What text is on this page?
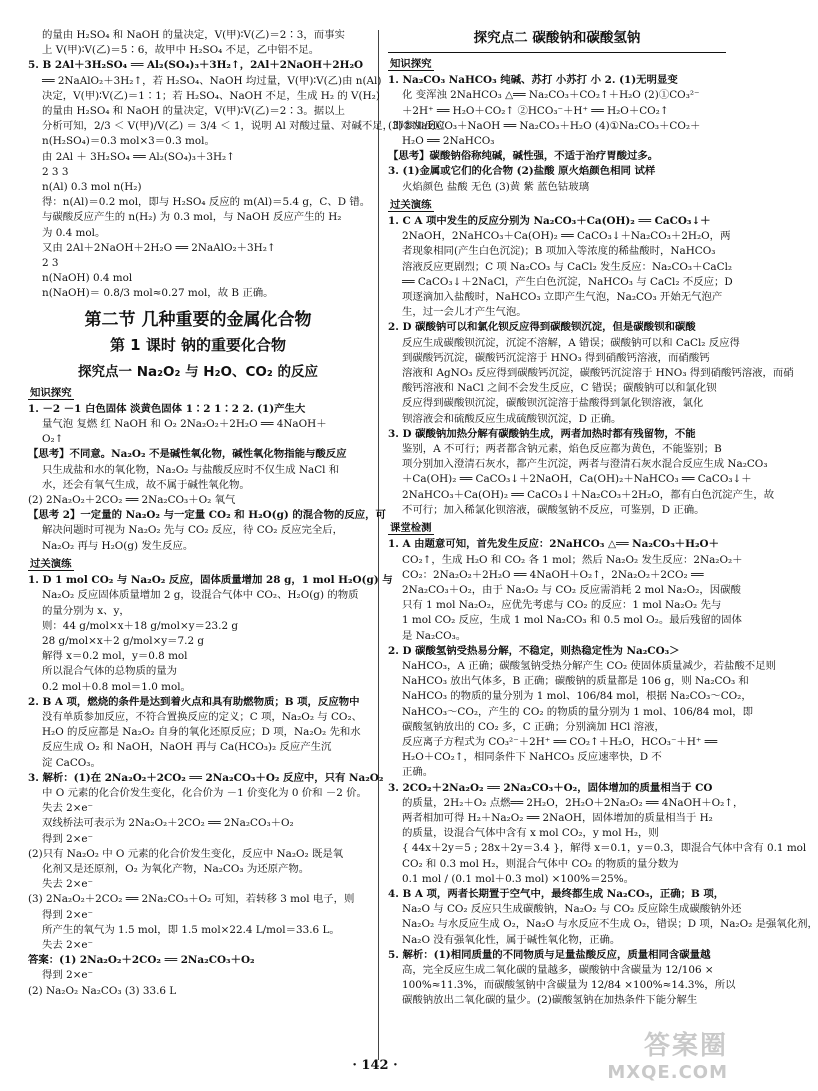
的量由 H₂SO₄ 和 NaOH 的量决定，V(甲)∶V(乙)＝2∶3，而事实
上 V(甲)∶V(乙)＝5∶6，故甲中 H₂SO₄ 不足，乙中铝不足。
5. B 2Al＋3H₂SO₄ ══ Al₂(SO₄)₃＋3H₂↑，2Al＋2NaOH＋2H₂O
══ 2NaAlO₂＋3H₂↑，若 H₂SO₄、NaOH 均过量，V(甲)∶V(乙)由 n(Al)
决定，V(甲)∶V(乙)＝1∶1；若 H₂SO₄、NaOH 不足，生成 H₂ 的 V(H₂)
的量由 H₂SO₄ 和 NaOH 的量决定，V(甲)∶V(乙)＝2∶3。据以上
分析可知，2/3 ＜ V(甲)/V(乙) ＝ 3/4 ＜ 1，说明 Al 对酸过量、对碱不足，即参加反应
n(H₂SO₄)＝0.3 mol×3＝0.3 mol。
由 2Al ＋ 3H₂SO₄ ══ Al₂(SO₄)₃＋3H₂↑
2 3 3
n(Al) 0.3 mol n(H₂)
得：n(Al)＝0.2 mol，即与 H₂SO₄ 反应的 m(Al)＝5.4 g，C、D 错。
与碳酸反应产生的 n(H₂) 为 0.3 mol，与 NaOH 反应产生的 H₂
为 0.4 mol。
又由 2Al＋2NaOH＋2H₂O ══ 2NaAlO₂＋3H₂↑
2 3
n(NaOH) 0.4 mol
n(NaOH)＝ 0.8/3 mol≈0.27 mol，故 B 正确。
第二节 几种重要的金属化合物
第 1 课时 钠的重要化合物
探究点一 Na₂O₂ 与 H₂O、CO₂ 的反应
知识探究
1. －2 －1 白色固体 淡黄色固体 1∶2 1∶2 2. (1)产生大
量气泡 复燃 红 NaOH 和 O₂ 2Na₂O₂＋2H₂O ══ 4NaOH＋
O₂↑
【思考】不同意。Na₂O₂ 不是碱性氧化物，碱性氧化物指能与酸反应
只生成盐和水的氧化物，Na₂O₂ 与盐酸反应时不仅生成 NaCl 和
水，还会有氧气生成，故不属于碱性氧化物。
(2) 2Na₂O₂＋2CO₂ ══ 2Na₂CO₃＋O₂ 氧气
【思考 2】一定量的 Na₂O₂ 与一定量 CO₂ 和 H₂O(g) 的混合物的反应，可
解决问题时可视为 Na₂O₂ 先与 CO₂ 反应，待 CO₂ 反应完全后，
Na₂O₂ 再与 H₂O(g) 发生反应。
过关演练
1. D 1 mol CO₂ 与 Na₂O₂ 反应，固体质量增加 28 g，1 mol H₂O(g) 与
Na₂O₂ 反应固体质量增加 2 g，设混合气体中 CO₂、H₂O(g) 的物质
的量分别为 x、y，
则：44 g/mol×x＋18 g/mol×y＝23.2 g
28 g/mol×x＋2 g/mol×y＝7.2 g
解得 x＝0.2 mol，y＝0.8 mol
所以混合气体的总物质的量为
0.2 mol＋0.8 mol＝1.0 mol。
2. B A 项，燃烧的条件是达到着火点和具有助燃物质；B 项，反应物中
没有单质参加反应，不符合置换反应的定义；C 项，Na₂O₂ 与 CO₂、
H₂O 的反应都是 Na₂O₂ 自身的氧化还原反应；D 项，Na₂O₂ 先和水
反应生成 O₂ 和 NaOH，NaOH 再与 Ca(HCO₃)₂ 反应产生沉
淀 CaCO₃。
3. 解析：(1)在 2Na₂O₂＋2CO₂ ══ 2Na₂CO₃＋O₂ 反应中，只有 Na₂O₂
中 O 元素的化合价发生变化，化合价为 －1 价变化为 0 价和 －2 价。
失去 2×e⁻
双线桥法可表示为 2Na₂O₂＋2CO₂ ══ 2Na₂CO₃＋O₂
得到 2×e⁻
(2)只有 Na₂O₂ 中 O 元素的化合价发生变化，反应中 Na₂O₂ 既是氧
化剂又是还原剂，O₂ 为氧化产物，Na₂CO₃ 为还原产物。
失去 2×e⁻
(3) 2Na₂O₂＋2CO₂ ══ 2Na₂CO₃＋O₂ 可知，若转移 3 mol 电子，则
得到 2×e⁻
所产生的氧气为 1.5 mol，即 1.5 mol×22.4 L/mol＝33.6 L。
失去 2×e⁻
答案：(1) 2Na₂O₂＋2CO₂ ══ 2Na₂CO₃＋O₂
得到 2×e⁻
(2) Na₂O₂ Na₂CO₃ (3) 33.6 L
探究点二 碳酸钠和碳酸氢钠
知识探究
1. Na₂CO₃ NaHCO₃ 纯碱、苏打 小苏打 小 2. (1)无明显变
化 变浑浊 2NaHCO₃ △══ Na₂CO₃＋CO₂↑＋H₂O (2)①CO₃²⁻
＋2H⁺ ══ H₂O＋CO₂↑ ②HCO₃⁻＋H⁺ ══ H₂O＋CO₂↑
(3)②NaHCO₃＋NaOH ══ Na₂CO₃＋H₂O (4)①Na₂CO₃＋CO₂＋
H₂O ══ 2NaHCO₃
【思考】碳酸钠俗称纯碱，碱性强，不适于治疗胃酸过多。
3. (1)金属或它们的化合物 (2)盐酸 原火焰颜色相同 试样
火焰颜色 盐酸 无色 (3)黄 紫 蓝色钴玻璃
过关演练
1. C A 项中发生的反应分别为 Na₂CO₃＋Ca(OH)₂ ══ CaCO₃↓＋
2NaOH，2NaHCO₃＋Ca(OH)₂ ══ CaCO₃↓＋Na₂CO₃＋2H₂O，两
者现象相同(产生白色沉淀)；B 项加入等浓度的稀盐酸时，NaHCO₃
溶液反应更剧烈；C 项 Na₂CO₃ 与 CaCl₂ 发生反应：Na₂CO₃＋CaCl₂
══ CaCO₃↓＋2NaCl，产生白色沉淀，NaHCO₃ 与 CaCl₂ 不反应；D
项逐滴加入盐酸时，NaHCO₃ 立即产生气泡，Na₂CO₃ 开始无气泡产
生，过一会儿才产生气泡。
2. D 碳酸钠可以和氯化钡反应得到碳酸钡沉淀，但是碳酸钡和碳酸
反应生成碳酸钡沉淀，沉淀不溶解，A 错误；碳酸钠可以和 CaCl₂ 反应得
到碳酸钙沉淀，碳酸钙沉淀溶于 HNO₃ 得到硝酸钙溶液，而硝酸钙
溶液和 AgNO₃ 反应得到碳酸钙沉淀，碳酸钙沉淀溶于 HNO₃ 得到硝酸钙溶液，而硝
酸钙溶液和 NaCl 之间不会发生反应，C 错误；碳酸钠可以和氯化钡
反应得到碳酸钡沉淀，碳酸钡沉淀溶于盐酸得到氯化钡溶液，氯化
钡溶液会和硫酸反应生成硫酸钡沉淀，D 正确。
3. D 碳酸钠加热分解有碳酸钠生成，两者加热时都有残留物，不能
鉴别，A 不可行；两者都含钠元素，焰色反应都为黄色，不能鉴别；B
项分别加入澄清石灰水，都产生沉淀，两者与澄清石灰水混合反应生成 Na₂CO₃
＋Ca(OH)₂ ══ CaCO₃↓＋2NaOH，Ca(OH)₂＋NaHCO₃ ══ CaCO₃↓＋
2NaHCO₃＋Ca(OH)₂ ══ CaCO₃↓＋Na₂CO₃＋2H₂O，都有白色沉淀产生，故
不可行；加入稀氯化钡溶液，碳酸氢钠不反应，可鉴别，D 正确。
课堂检测
1. A 由题意可知，首先发生反应：2NaHCO₃ △══ Na₂CO₃＋H₂O＋
CO₂↑，生成 H₂O 和 CO₂ 各 1 mol；然后 Na₂O₂ 发生反应：2Na₂O₂＋
CO₂：2Na₂O₂＋2H₂O ══ 4NaOH＋O₂↑，2Na₂O₂＋2CO₂ ══
2Na₂CO₃＋O₂，由于 Na₂O₂ 与 CO₂ 反应需消耗 2 mol Na₂O₂，因碳酸
只有 1 mol Na₂O₂，应优先考虑与 CO₂ 的反应：1 mol Na₂O₂ 先与
1 mol CO₂ 反应，生成 1 mol Na₂CO₃ 和 0.5 mol O₂。最后残留的固体
是 Na₂CO₃。
2. D 碳酸氢钠受热易分解，不稳定，则热稳定性为 Na₂CO₃＞
NaHCO₃，A 正确；碳酸氢钠受热分解产生 CO₂ 使固体质量减少，若盐酸不足则
NaHCO₃ 放出气体多，B 正确；碳酸钠的质量都是 106 g，则 Na₂CO₃ 和
NaHCO₃ 的物质的量分别为 1 mol、106/84 mol，根据 Na₂CO₃～CO₂，
NaHCO₃～CO₂，产生的 CO₂ 的物质的量分别为 1 mol、106/84 mol，即
碳酸氢钠放出的 CO₂ 多，C 正确；分别滴加 HCl 溶液，
反应离子方程式为 CO₃²⁻＋2H⁺ ══ CO₂↑＋H₂O，HCO₃⁻＋H⁺ ══
H₂O＋CO₂↑，相同条件下 NaHCO₃ 反应速率快，D 不
正确。
3. 2CO₂＋2Na₂O₂ ══ 2Na₂CO₃＋O₂，固体增加的质量相当于 CO
的质量，2H₂＋O₂ 点燃══ 2H₂O，2H₂O＋2Na₂O₂ ══ 4NaOH＋O₂↑，
两者相加可得 H₂＋Na₂O₂ ══ 2NaOH，固体增加的质量相当于 H₂
的质量，设混合气体中含有 x mol CO₂，y mol H₂，则
{ 44x＋2y＝5 ; 28x＋2y＝3.4 }，解得 x＝0.1，y＝0.3，即混合气体中含有 0.1 mol
CO₂ 和 0.3 mol H₂，则混合气体中 CO₂ 的物质的量分数为
0.1 mol / (0.1 mol＋0.3 mol) ×100%＝25%。
4. B A 项，两者长期置于空气中，最终都生成 Na₂CO₃，正确；B 项，
Na₂O 与 CO₂ 反应只生成碳酸钠，Na₂O₂ 与 CO₂ 反应除生成碳酸钠外还
Na₂O₂ 与水反应生成 O₂，Na₂O 与水反应不生成 O₂，错误；D 项，Na₂O₂ 是强氧化剂，
Na₂O 没有强氧化性，属于碱性氧化物，正确。
5. 解析：(1)相同质量的不同物质与足量盐酸反应，质量相同含碳量越
高，完全反应生成二氧化碳的量越多，碳酸钠中含碳量为 12/106 ×
100%≈11.3%，而碳酸氢钠中含碳量为 12/84 ×100%≈14.3%，所以
碳酸钠放出二氧化碳的量少。(2)碳酸氢钠在加热条件下能分解生
· 142 ·
答案圈
MXQE.COM
